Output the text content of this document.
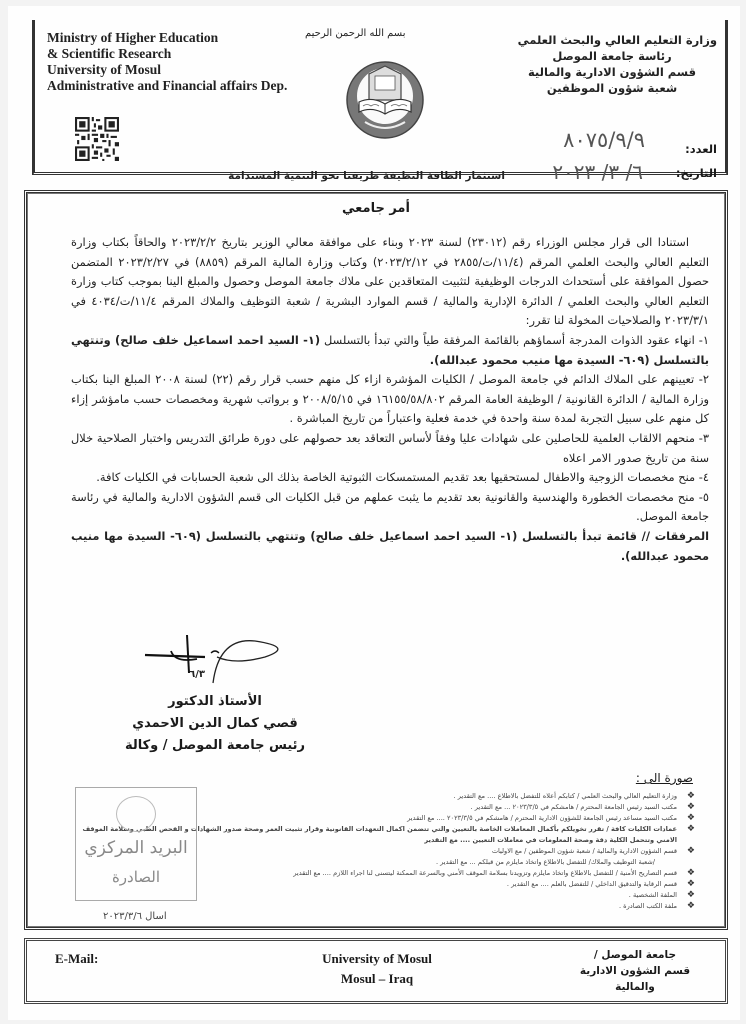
Ministry of Higher Education
& Scientific Research
University of Mosul
Administrative and Financial affairs Dep.
بسم الله الرحمن الرحيم	وزارة التعليم العالي والبحث العلمي
رئاسة جامعة الموصل
قسم الشؤون الادارية والمالية
شعبة شؤون الموظفين
العدد:
٨٠٧٥/٩/٩
التاريخ:
٦/ ٣/ ٢٠٢٣
استثمار الطاقة النظيفة طريقنا نحو التنمية المستدامة
أمر جامعي

استنادا الى قرار مجلس الوزراء رقم (٢٣٠١٢) لسنة ٢٠٢٣ وبناء على موافقة معالي الوزير بتاريخ ٢٠٢٣/٢/٢ والحاقاً بكتاب وزارة التعليم العالي والبحث العلمي المرقم (١١/٤/ت/٢٨٥٥ في ٢٠٢٣/٢/١٢) وكتاب وزارة المالية المرقم (٨٨٥٩) في ٢٠٢٣/٢/٢٧ المتضمن حصول الموافقة على أستحداث الدرجات الوظيفية لتثبيت المتعاقدين على ملاك جامعة الموصل وحصول والمبلغ الينا بموجب كتاب وزارة التعليم العالي والبحث العلمي / الدائرة الإدارية والمالية / قسم الموارد البشرية / شعبة التوظيف والملاك المرقم ١١/٤/ت/٤٠٣٤ في ٢٠٢٣/٣/١ والصلاحيات المخولة لنا تقرر:

١- انهاء عقود الذوات المدرجة أسماؤهم بالقائمة المرفقة طياً والتي تبدأ بالتسلسل (١- السيد احمد اسماعيل خلف صالح) وتنتهي بالتسلسل (٦٠٩- السيدة مها منيب محمود عبدالله).

٢- تعيينهم على الملاك الدائم في جامعة الموصل / الكليات المؤشرة ازاء كل منهم حسب قرار رقم (٢٢) لسنة ٢٠٠٨ المبلغ الينا بكتاب وزارة المالية / الدائرة القانونية / الوظيفة العامة المرقم ١٦١٥٥/٥٨/٨٠٢ في ٢٠٠٨/٥/١٥ و برواتب شهرية ومخصصات حسب مامؤشر إزاء كل منهم على سبيل التجربة لمدة سنة واحدة في خدمة فعلية واعتباراً من تاريخ المباشرة .

٣- منحهم الالقاب العلمية للحاصلين على شهادات عليا وفقاً لأساس التعاقد بعد حصولهم على دورة طرائق التدريس واختبار الصلاحية خلال سنة من تاريخ صدور الامر اعلاه

٤- منح مخصصات الزوجية والاطفال لمستحقيها بعد تقديم المستمسكات الثبوتية الخاصة بذلك الى شعبة الحسابات في الكليات كافة.

٥- منح مخصصات الخطورة والهندسية والقانونية بعد تقديم ما يثبت عملهم من قبل الكليات الى قسم الشؤون الادارية والمالية في رئاسة جامعة الموصل.

المرفقات // قائمة تبدأ بالتسلسل (١- السيد احمد اسماعيل خلف صالح) وتنتهي بالتسلسل (٦٠٩- السيدة مها منيب محمود عبدالله).

٦/٣
الأستاذ الدكتور
قصي كمال الدين الاحمدي
رئيس جامعة الموصل / وكالة
صورة الى :
❖
وزارة التعليم العالي والبحث العلمي / كتابكم أعلاه للتفضل بالاطلاع .... مع التقدير .
❖
مكتب السيد رئيس الجامعة المحترم / هامشكم في ٢٠٢٣/٣/٥ ... مع التقدير .
❖
مكتب السيد مساعد رئيس الجامعة للشؤون الادارية المحترم / هامشكم في ٢٠٢٣/٣/٥ .... مع التقدير
❖
عمادات الكليات كافة / تقرر تخويلكم بأكمال المعاملات الخاصة بالتعيين والتي تتضمن اكمال التعهدات القانونية وقرار تثبيت العمر وصحة صدور الشهادات و الفحص الطبي وسلامة الموقف الامني وتتحمل الكلية دقة وصحة المعلومات في معاملات التعيين .... مع التقدير
❖
قسم الشؤون الادارية والمالية / شعبة شؤون الموظفين / مع الاوليات
/شعبة التوظيف والملاك/ للتفضل بالاطلاع واتخاذ مايلزم من قبلكم ... مع التقدير .
❖
قسم التصاريح الأمنية / للتفضل بالاطلاع واتخاذ مايلزم وتزويدنا بسلامة الموقف الأمني وبالسرعة الممكنة ليتسنى لنا اجراء اللازم .... مع التقدير
❖
قسم الرقابة والتدقيق الداخلي / للتفضل بالعلم .... مع التقدير .
❖
الملفة الشخصية .
❖
ملفة الكتب الصادرة .
البريد المركزي
الصادرة
اسال ٢٠٢٣/٣/٦
E-Mail:	University of Mosul
Mosul – Iraq
جامعة الموصل /
قسم الشؤون الادارية
والمالية
